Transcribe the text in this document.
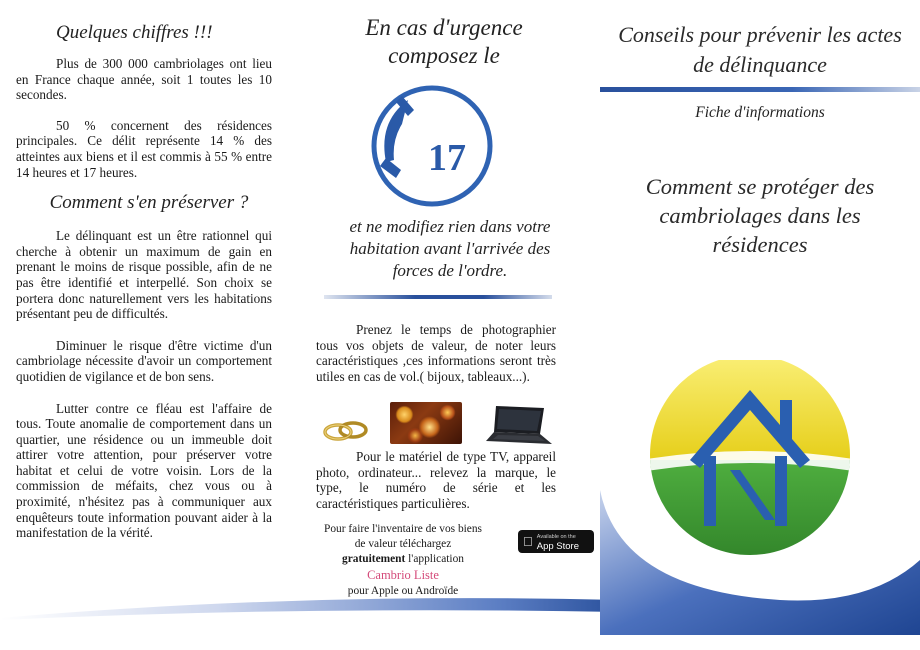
Quelques chiffres !!!

Plus de 300 000 cambriolages ont lieu en France chaque année, soit 1 toutes les 10 secondes.

50 % concernent des résidences principales. Ce délit représente 14 % des atteintes aux biens et il est commis à 55 % entre 14 heures et 17 heures.

Comment s'en préserver ?

Le délinquant est un être rationnel qui cherche à obtenir un maximum de gain en prenant le moins de risque possible, afin de ne pas être identifié et interpellé. Son choix se portera donc naturellement vers les habitations présentant peu de difficultés.

Diminuer le risque d'être victime d'un cambriolage nécessite d'avoir un comportement quotidien de vigilance et de bon sens.

Lutter contre ce fléau est l'affaire de tous. Toute anomalie de comportement dans un quartier, une résidence ou un immeuble doit attirer votre attention, pour préserver votre habitat et celui de votre voisin. Lors de la commission de méfaits, chez vous ou à proximité, n'hésitez pas à communiquer aux enquêteurs toute information pouvant aider à la manifestation de la vérité.

En cas d'urgence
composez le
17
et ne modifiez rien dans votre habitation avant l'arrivée des forces de l'ordre.

Prenez le temps de photographier tous vos objets de valeur, de noter leurs caractéristiques ,ces informations seront très utiles en cas de vol.( bijoux, tableaux...).

Pour le matériel de type TV, appareil photo, ordinateur... relevez la marque, le type, le numéro de série et les caractéristiques particulières.

Pour faire l'inventaire de vos biens de valeur téléchargez
gratuitement l'application
Cambrio Liste
pour Apple ou Androïde
Available on the
App Store
Conseils pour prévenir les actes de délinquance
Fiche d'informations
Comment se protéger des cambriolages dans les résidences
